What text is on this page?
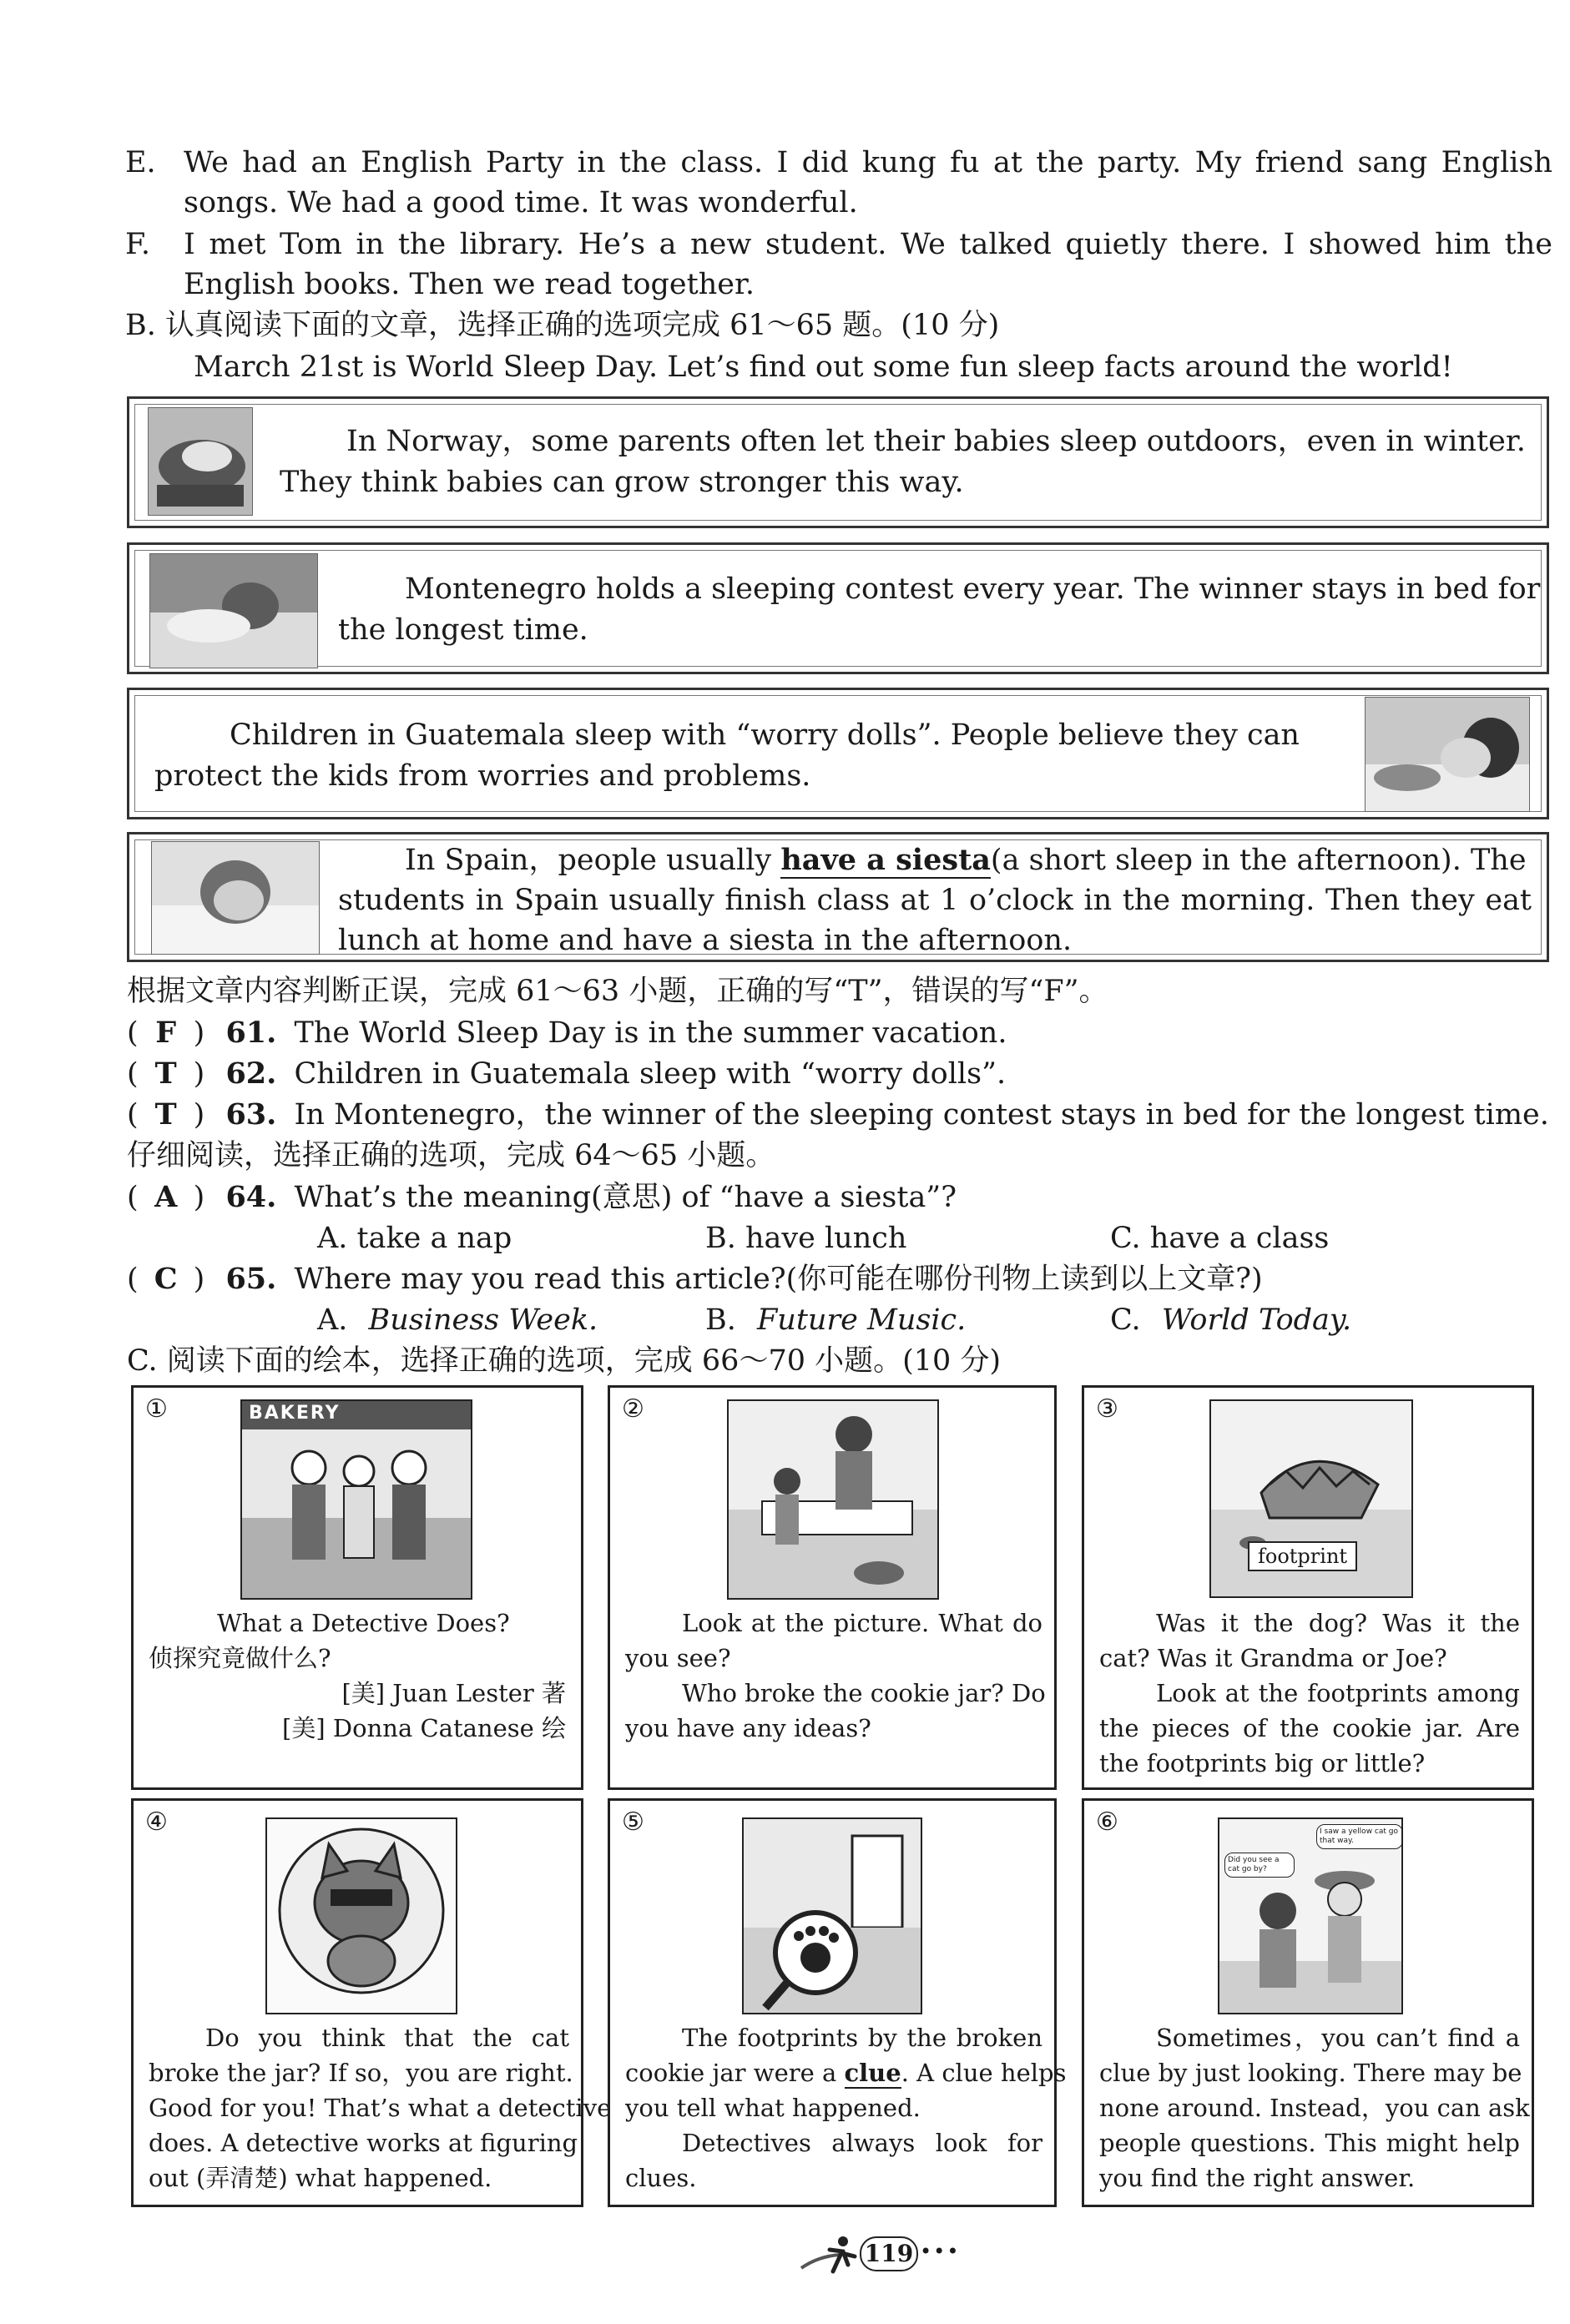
E. We had an English Party in the class. I did kung fu at the party. My friend sang English
songs. We had a good time. It was wonderful.
F. I met Tom in the library. He’s a new student. We talked quietly there. I showed him the
English books. Then we read together.
B. 认真阅读下面的文章，选择正确的选项完成 61～65 题。(10 分)
March 21st is World Sleep Day. Let’s find out some fun sleep facts around the world!
In Norway，some parents often let their babies sleep outdoors，even in winter.
They think babies can grow stronger this way.
Montenegro holds a sleeping contest every year. The winner stays in bed for
the longest time.
Children in Guatemala sleep with “worry dolls”. People believe they can
protect the kids from worries and problems.
In Spain，people usually have a siesta(a short sleep in the afternoon). The
students in Spain usually finish class at 1 o’clock in the morning. Then they eat
lunch at home and have a siesta in the afternoon.
根据文章内容判断正误，完成 61～63 小题，正确的写“T”，错误的写“F”。
( F ) 61. The World Sleep Day is in the summer vacation.
( T ) 62. Children in Guatemala sleep with “worry dolls”.
( T ) 63. In Montenegro，the winner of the sleeping contest stays in bed for the longest time.
仔细阅读，选择正确的选项，完成 64～65 小题。
( A ) 64. What’s the meaning(意思) of “have a siesta”?
A. take a nap	B. have lunch	C. have a class
( C ) 65. Where may you read this article?(你可能在哪份刊物上读到以上文章?)
A. Business Week.	B. Future Music.	C. World Today.
C. 阅读下面的绘本，选择正确的选项，完成 66～70 小题。(10 分)
①	BAKERY
What a Detective Does?
侦探究竟做什么?
[美] Juan Lester 著
[美] Donna Catanese 绘
②
Look at the picture. What do
you see?
Who broke the cookie jar? Do
you have any ideas?
③
footprint
Was it the dog? Was it the
cat? Was it Grandma or Joe?
Look at the footprints among
the pieces of the cookie jar. Are
the footprints big or little?
④
Do you think that the cat
broke the jar? If so，you are right.
Good for you! That’s what a detective
does. A detective works at figuring
out (弄清楚) what happened.
⑤
The footprints by the broken
cookie jar were a clue. A clue helps
you tell what happened.
Detectives always look for
clues.
⑥	I saw a yellow cat go that way.
Did you see a cat go by?
Sometimes，you can’t find a
clue by just looking. There may be
none around. Instead，you can ask
people questions. This might help
you find the right answer.
119 •••
